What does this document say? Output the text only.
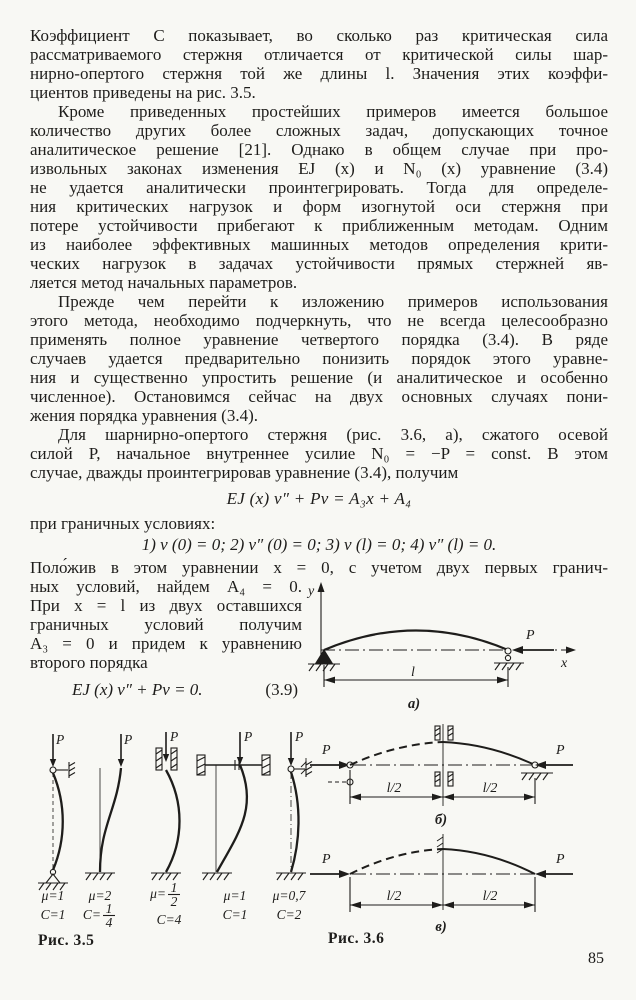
Коэффициент C показывает, во сколько раз критическая сила
рассматриваемого стержня отличается от критической силы шар-
нирно-опертого стержня той же длины l. Значения этих коэффи-
циентов приведены на рис. 3.5.
Кроме приведенных простейших примеров имеется большое
количество других более сложных задач, допускающих точное
аналитическое решение [21]. Однако в общем случае при про-
извольных законах изменения EJ (x) и N₀ (x) уравнение (3.4)
не удается аналитически проинтегрировать. Тогда для определе-
ния критических нагрузок и форм изогнутой оси стержня при
потере устойчивости прибегают к приближенным методам. Одним
из наиболее эффективных машинных методов определения крити-
ческих нагрузок в задачах устойчивости прямых стержней яв-
ляется метод начальных параметров.
Прежде чем перейти к изложению примеров использования
этого метода, необходимо подчеркнуть, что не всегда целесообразно
применять полное уравнение четвертого порядка (3.4). В ряде
случаев удается предварительно понизить порядок этого уравне-
ния и существенно упростить решение (и аналитическое и особенно
численное). Остановимся сейчас на двух основных случаях пони-
жения порядка уравнения (3.4).
Для шарнирно-опертого стержня (рис. 3.6, а), сжатого осевой
силой P, начальное внутреннее усилие N₀ = −P = const. В этом
случае, дважды проинтегрировав уравнение (3.4), получим
EJ (x) v″ + Pv = A₃x + A₄
при граничных условиях:
1) v (0) = 0; 2) v″ (0) = 0; 3) v (l) = 0; 4) v″ (l) = 0.
Поло́жив в этом уравнении x = 0, с учетом двух первых гранич-
ных условий, найдем A₄ = 0.
При x = l из двух оставшихся
граничных условий получим
A₃ = 0 и придем к уравнению
второго порядка
EJ (x) v″ + Pv = 0.	(3.9)
y
x
P
l
а)
P
μ=1
C=1
P
μ=2
C= 1
4
P
μ= 1
2
C=4
P
μ=1
C=1
P
μ=0,7
C=2
P	P
l/2	l/2
б)
P	P
l/2	l/2
в)
Рис. 3.5	Рис. 3.6
85
